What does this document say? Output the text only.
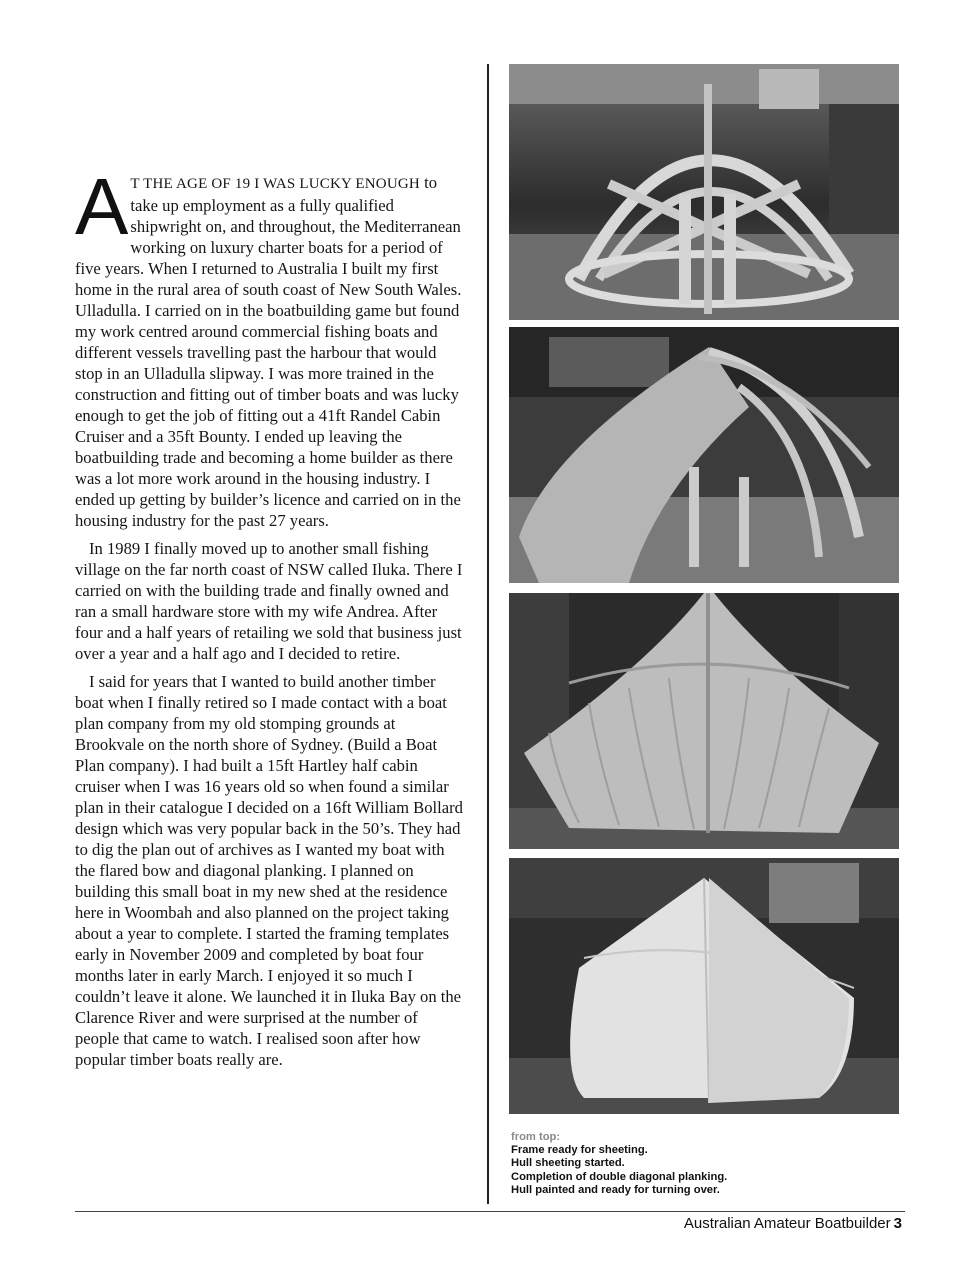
A T THE AGE OF 19 I WAS LUCKY ENOUGH to take up employment as a fully qualified shipwright on, and throughout, the Mediterranean working on luxury charter boats for a period of five years. When I returned to Australia I built my first home in the rural area of south coast of New South Wales. Ulladulla. I carried on in the boatbuilding game but found my work centred around commercial fishing boats and different vessels travelling past the harbour that would stop in an Ulladulla slipway. I was more trained in the construction and fitting out of timber boats and was lucky enough to get the job of fitting out a 41ft Randel Cabin Cruiser and a 35ft Bounty. I ended up leaving the boatbuilding trade and becoming a home builder as there was a lot more work around in the housing industry. I ended up getting by builder’s licence and carried on in the housing industry for the past 27 years.

In 1989 I finally moved up to another small fishing village on the far north coast of NSW called Iluka. There I carried on with the building trade and finally owned and ran a small hardware store with my wife Andrea. After four and a half years of retailing we sold that business just over a year and a half ago and I decided to retire.

I said for years that I wanted to build another timber boat when I finally retired so I made contact with a boat plan company from my old stomping grounds at Brookvale on the north shore of Sydney. (Build a Boat Plan company). I had built a 15ft Hartley half cabin cruiser when I was 16 years old so when found a similar plan in their catalogue I decided on a 16ft William Bollard design which was very popular back in the 50’s. They had to dig the plan out of archives as I wanted my boat with the flared bow and diagonal planking. I planned on building this small boat in my new shed at the residence here in Woombah and also planned on the project taking about a year to complete. I started the framing templates early in November 2009 and completed by boat four months later in early March. I enjoyed it so much I couldn’t leave it alone. We launched it in Iluka Bay on the Clarence River and were surprised at the number of people that came to watch. I realised soon after how popular timber boats really are.

from top:
Frame ready for sheeting.
Hull sheeting started.
Completion of double diagonal planking.
Hull painted and ready for turning over.
Australian Amateur Boatbuilder 3
